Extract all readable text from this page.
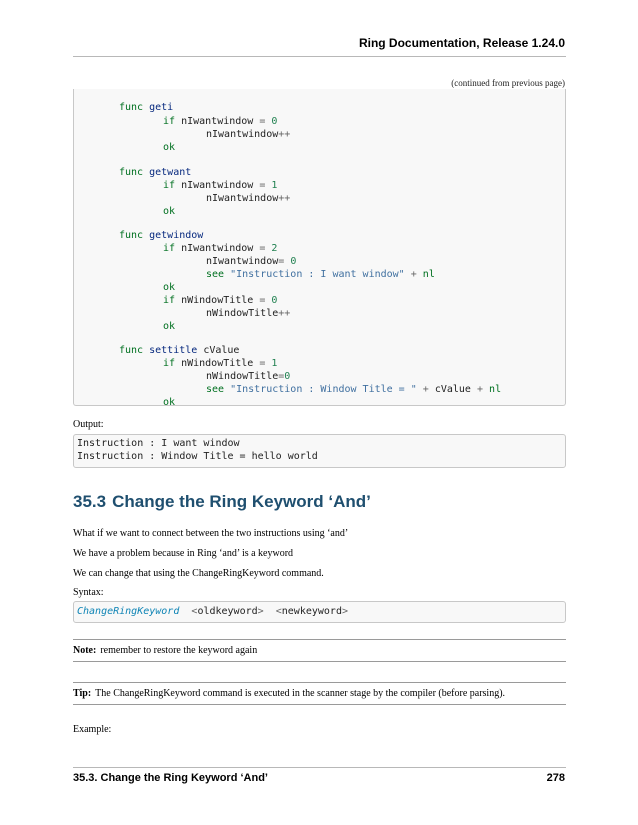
Ring Documentation, Release 1.24.0
(continued from previous page)
func geti
if nIwantwindow = 0
nIwantwindow++
ok
func getwant
if nIwantwindow = 1
nIwantwindow++
ok
func getwindow
if nIwantwindow = 2
nIwantwindow= 0
see "Instruction : I want window" + nl
ok
if nWindowTitle = 0
nWindowTitle++
ok
func settitle cValue
if nWindowTitle = 1
nWindowTitle=0
see "Instruction : Window Title = " + cValue + nl
ok
Output:
Instruction : I want window
Instruction : Window Title = hello world
35.3 Change the Ring Keyword ‘And’
What if we want to connect between the two instructions using ‘and’
We have a problem because in Ring ‘and’ is a keyword
We can change that using the ChangeRingKeyword command.
Syntax:
ChangeRingKeyword <oldkeyword> <newkeyword>
Note: remember to restore the keyword again
Tip: The ChangeRingKeyword command is executed in the scanner stage by the compiler (before parsing).
Example:
35.3. Change the Ring Keyword ‘And’	278
